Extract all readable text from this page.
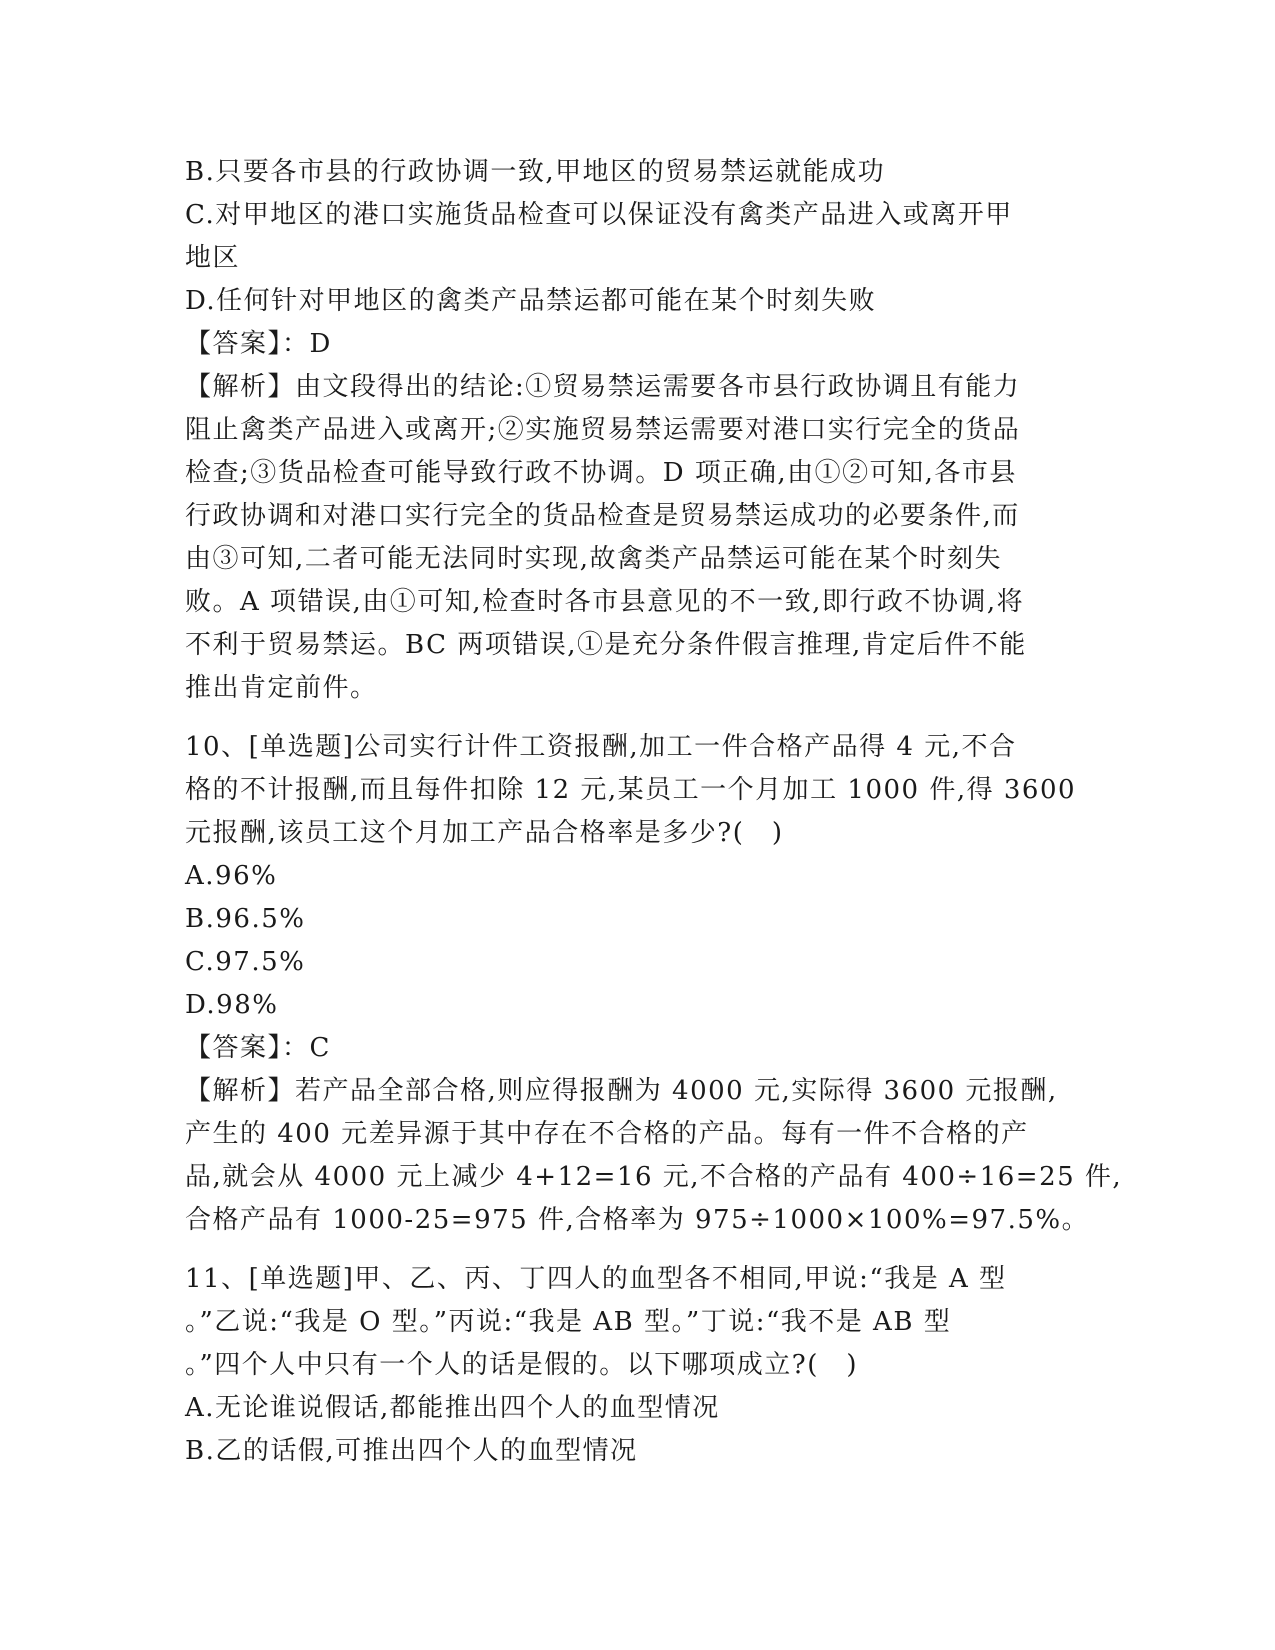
B.只要各市县的行政协调一致,甲地区的贸易禁运就能成功
C.对甲地区的港口实施货品检查可以保证没有禽类产品进入或离开甲
地区
D.任何针对甲地区的禽类产品禁运都可能在某个时刻失败
【答案】：D
【解析】由文段得出的结论:①贸易禁运需要各市县行政协调且有能力
阻止禽类产品进入或离开;②实施贸易禁运需要对港口实行完全的货品
检查;③货品检查可能导致行政不协调。D 项正确,由①②可知,各市县
行政协调和对港口实行完全的货品检查是贸易禁运成功的必要条件,而
由③可知,二者可能无法同时实现,故禽类产品禁运可能在某个时刻失
败。A 项错误,由①可知,检查时各市县意见的不一致,即行政不协调,将
不利于贸易禁运。BC 两项错误,①是充分条件假言推理,肯定后件不能
推出肯定前件。
10、[单选题]公司实行计件工资报酬,加工一件合格产品得 4 元,不合
格的不计报酬,而且每件扣除 12 元,某员工一个月加工 1000 件,得 3600
元报酬,该员工这个月加工产品合格率是多少?(　)
A.96%
B.96.5%
C.97.5%
D.98%
【答案】：C
【解析】若产品全部合格,则应得报酬为 4000 元,实际得 3600 元报酬,
产生的 400 元差异源于其中存在不合格的产品。每有一件不合格的产
品,就会从 4000 元上减少 4+12=16 元,不合格的产品有 400÷16=25 件,
合格产品有 1000-25=975 件,合格率为 975÷1000×100%=97.5%。
11、[单选题]甲、乙、丙、丁四人的血型各不相同,甲说:“我是 A 型
。”乙说:“我是 O 型。”丙说:“我是 AB 型。”丁说:“我不是 AB 型
。”四个人中只有一个人的话是假的。以下哪项成立?(　)
A.无论谁说假话,都能推出四个人的血型情况
B.乙的话假,可推出四个人的血型情况
